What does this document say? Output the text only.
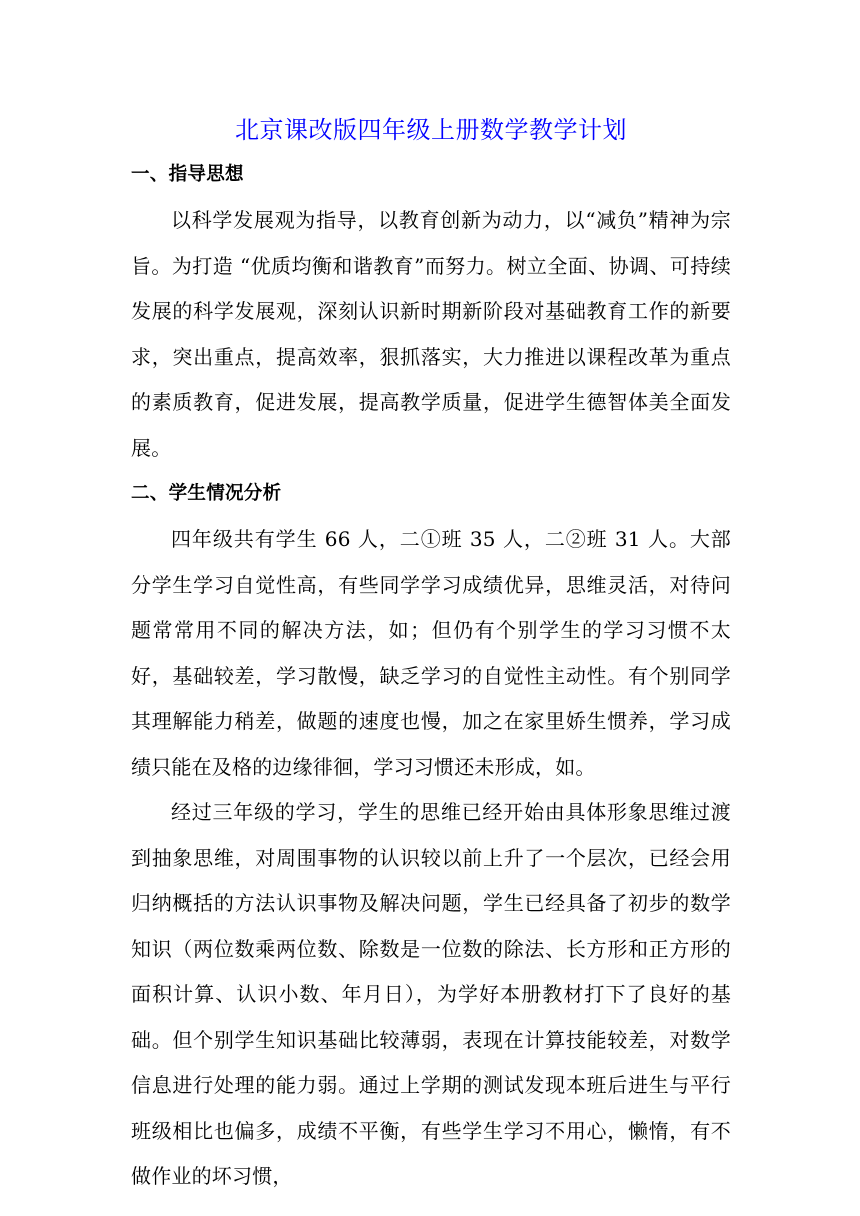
北京课改版四年级上册数学教学计划
一、指导思想

以科学发展观为指导，以教育创新为动力，以“减负”精神为宗旨。为打造 “优质均衡和谐教育”而努力。树立全面、协调、可持续发展的科学发展观，深刻认识新时期新阶段对基础教育工作的新要求，突出重点，提高效率，狠抓落实，大力推进以课程改革为重点的素质教育，促进发展，提高教学质量，促进学生德智体美全面发展。

二、学生情况分析

四年级共有学生 66 人，二①班 35 人，二②班 31 人。大部分学生学习自觉性高，有些同学学习成绩优异，思维灵活，对待问题常常用不同的解决方法，如；但仍有个别学生的学习习惯不太好，基础较差，学习散慢，缺乏学习的自觉性主动性。有个别同学其理解能力稍差，做题的速度也慢，加之在家里娇生惯养，学习成绩只能在及格的边缘徘徊，学习习惯还未形成，如。

经过三年级的学习，学生的思维已经开始由具体形象思维过渡到抽象思维，对周围事物的认识较以前上升了一个层次，已经会用归纳概括的方法认识事物及解决问题，学生已经具备了初步的数学知识（两位数乘两位数、除数是一位数的除法、长方形和正方形的面积计算、认识小数、年月日），为学好本册教材打下了良好的基础。但个别学生知识基础比较薄弱，表现在计算技能较差，对数学信息进行处理的能力弱。通过上学期的测试发现本班后进生与平行班级相比也偏多，成绩不平衡，有些学生学习不用心，懒惰，有不做作业的坏习惯，
